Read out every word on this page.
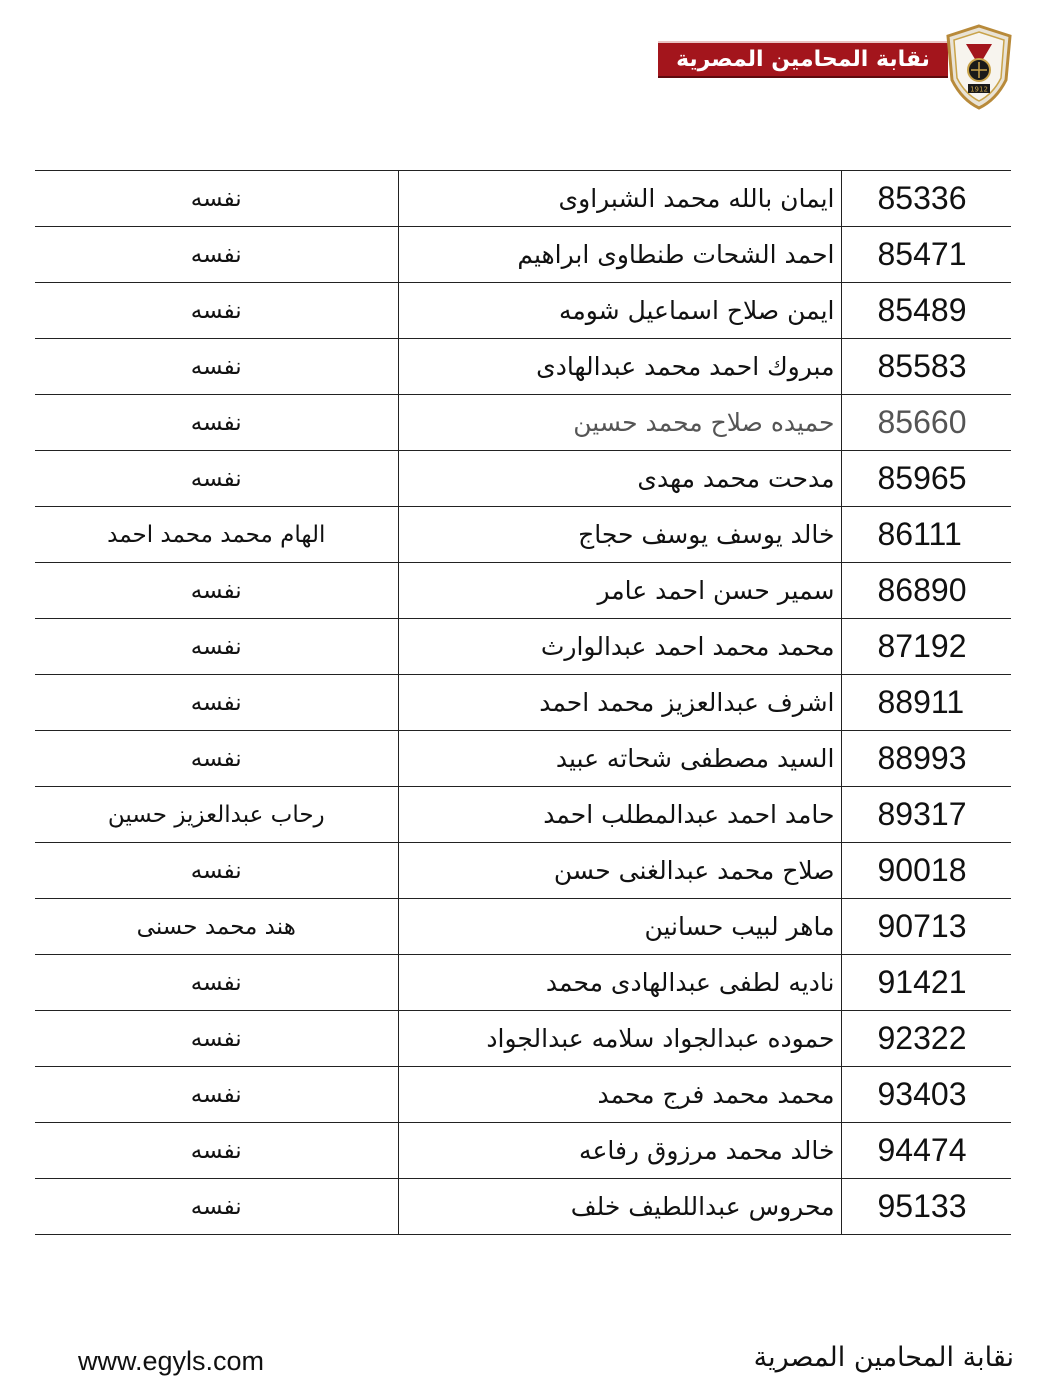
نقابة المحامين المصرية
1912
نفسه	ايمان بالله محمد الشبراوى	85336
نفسه	احمد الشحات طنطاوى ابراهيم	85471
نفسه	ايمن صلاح اسماعيل شومه	85489
نفسه	مبروك احمد محمد عبدالهادى	85583
نفسه	حميده صلاح محمد حسين	85660
نفسه	مدحت محمد مهدى	85965
الهام محمد محمد احمد	خالد يوسف يوسف حجاج	86111
نفسه	سمير حسن احمد عامر	86890
نفسه	محمد محمد احمد عبدالوارث	87192
نفسه	اشرف عبدالعزيز محمد احمد	88911
نفسه	السيد مصطفى شحاته عبيد	88993
رحاب عبدالعزيز حسين	حامد احمد عبدالمطلب احمد	89317
نفسه	صلاح محمد عبدالغنى حسن	90018
هند محمد حسنى	ماهر لبيب حسانين	90713
نفسه	ناديه لطفى عبدالهادى محمد	91421
نفسه	حموده عبدالجواد سلامه عبدالجواد	92322
نفسه	محمد محمد فرج محمد	93403
نفسه	خالد محمد مرزوق رفاعه	94474
نفسه	محروس عبداللطيف خلف	95133
www.egyls.com	نقابة المحامين المصرية
